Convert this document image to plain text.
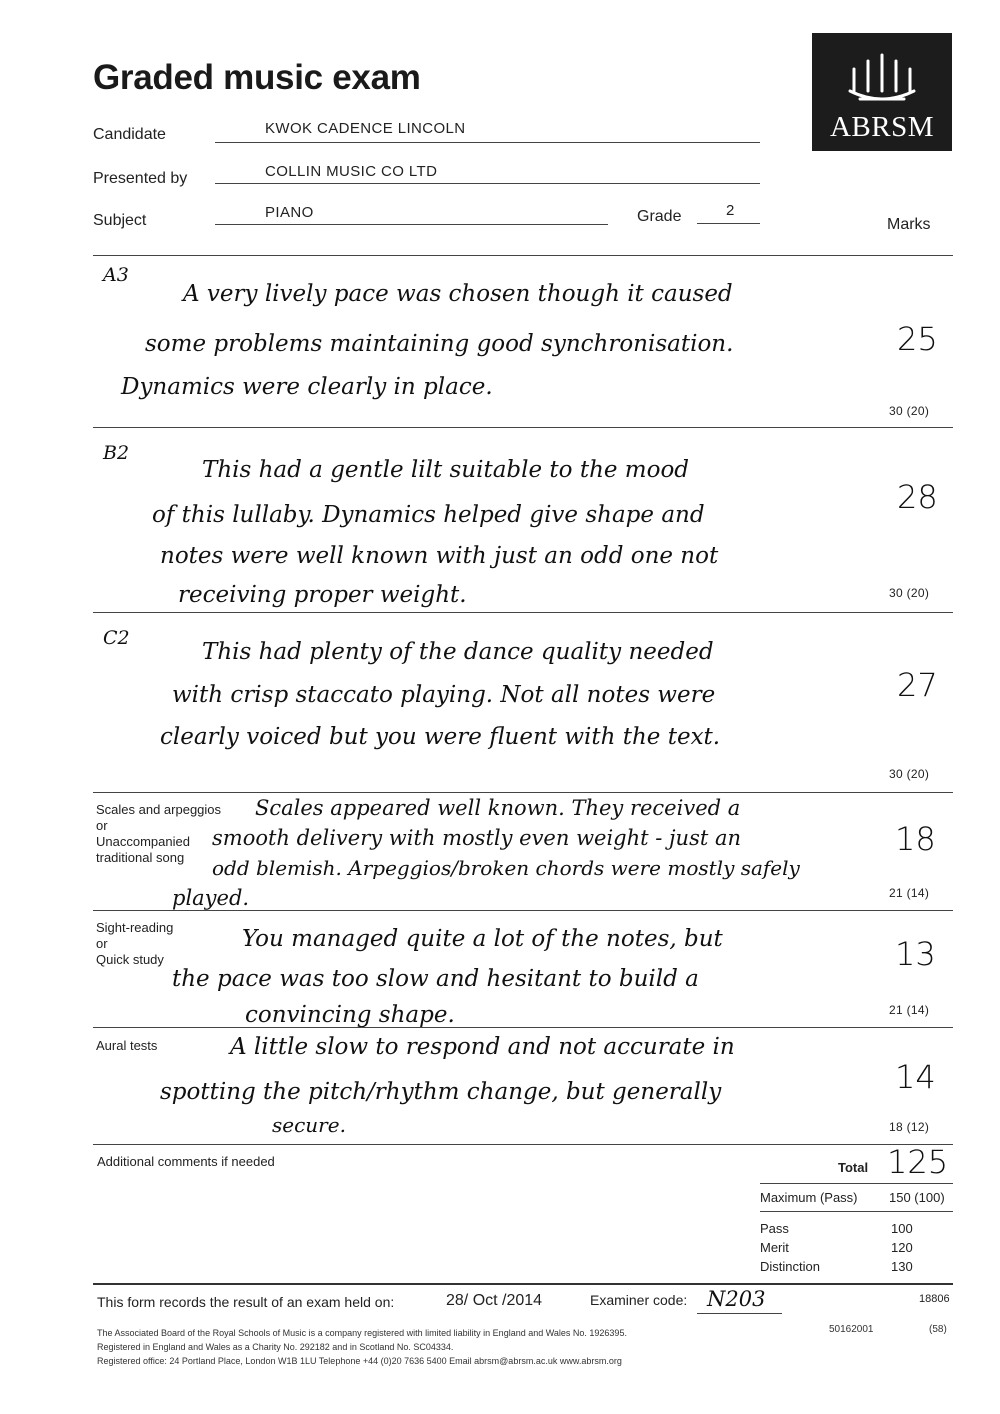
Graded music exam
ABRSM
Candidate	KWOK CADENCE LINCOLN
Presented by	COLLIN MUSIC CO LTD
Subject	PIANO	Grade	2
Marks
A3
A very lively pace was chosen though it caused
some problems maintaining good synchronisation.
Dynamics were clearly in place.
25
30 (20)
B2
This had a gentle lilt suitable to the mood
of this lullaby. Dynamics helped give shape and
notes were well known with just an odd one not
receiving proper weight.
28
30 (20)
C2
This had plenty of the dance quality needed
with crisp staccato playing. Not all notes were
clearly voiced but you were fluent with the text.
27
30 (20)
Scales and arpeggios
or
Unaccompanied
traditional song
Scales appeared well known. They received a
smooth delivery with mostly even weight - just an
odd blemish. Arpeggios/broken chords were mostly safely
played.
18
21 (14)
Sight-reading
or
Quick study
You managed quite a lot of the notes, but
the pace was too slow and hesitant to build a
convincing shape.
13
21 (14)
Aural tests	A little slow to respond and not accurate in
spotting the pitch/rhythm change, but generally
secure.
14
18 (12)
Additional comments if needed	Total 125
Maximum (Pass) 150 (100)
Pass	100
Merit	120
Distinction	130
This form records the result of an exam held on:	28/ Oct /2014	Examiner code: N203	18806
The Associated Board of the Royal Schools of Music is a company registered with limited liability in England and Wales No. 1926395.
Registered in England and Wales as a Charity No. 292182 and in Scotland No. SC04334.
Registered office: 24 Portland Place, London W1B 1LU Telephone +44 (0)20 7636 5400 Email abrsm@abrsm.ac.uk www.abrsm.org
50162001	(58)
